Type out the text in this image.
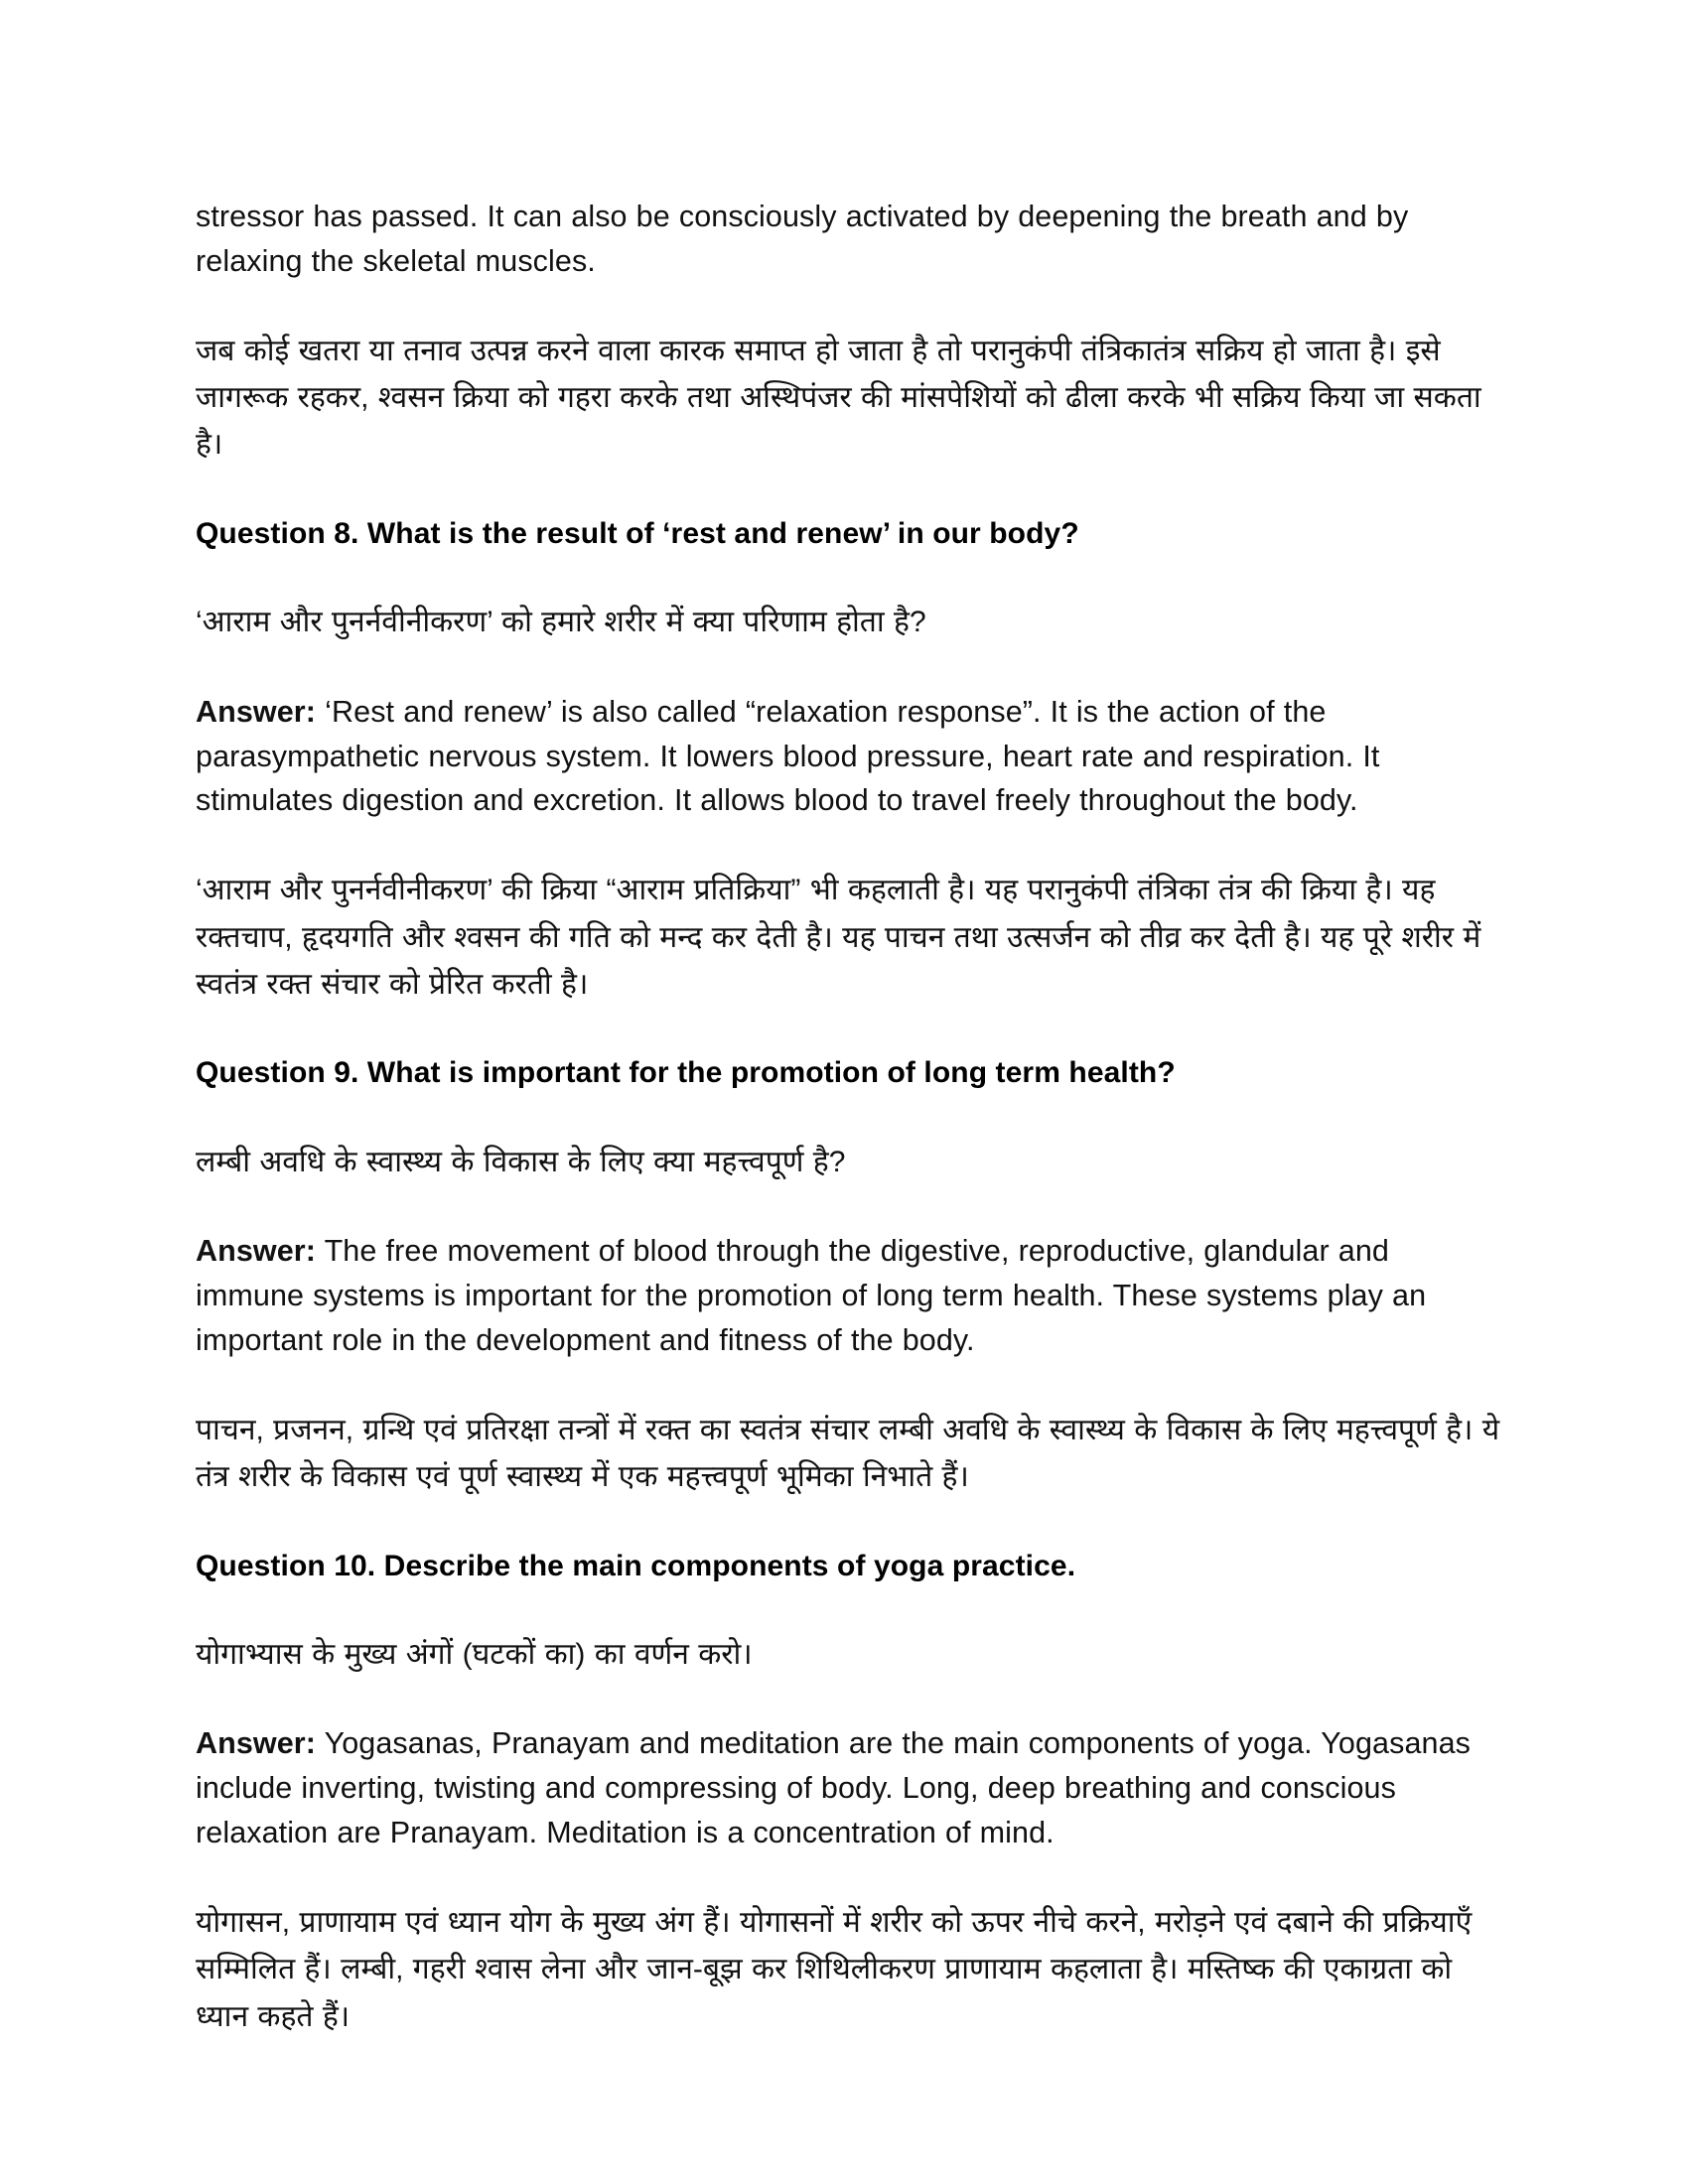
stressor has passed. It can also be consciously activated by deepening the breath and by relaxing the skeletal muscles.

जब कोई खतरा या तनाव उत्पन्न करने वाला कारक समाप्त हो जाता है तो परानुकंपी तंत्रिकातंत्र सक्रिय हो जाता है। इसे जागरूक रहकर, श्वसन क्रिया को गहरा करके तथा अस्थिपंजर की मांसपेशियों को ढीला करके भी सक्रिय किया जा सकता है।

Question 8. What is the result of ‘rest and renew’ in our body?

‘आराम और पुनर्नवीनीकरण’ को हमारे शरीर में क्या परिणाम होता है?

Answer: ‘Rest and renew’ is also called “relaxation response”. It is the action of the parasympathetic nervous system. It lowers blood pressure, heart rate and respiration. It stimulates digestion and excretion. It allows blood to travel freely throughout the body.

‘आराम और पुनर्नवीनीकरण’ की क्रिया “आराम प्रतिक्रिया” भी कहलाती है। यह परानुकंपी तंत्रिका तंत्र की क्रिया है। यह रक्तचाप, हृदयगति और श्वसन की गति को मन्द कर देती है। यह पाचन तथा उत्सर्जन को तीव्र कर देती है। यह पूरे शरीर में स्वतंत्र रक्त संचार को प्रेरित करती है।

Question 9. What is important for the promotion of long term health?

लम्बी अवधि के स्वास्थ्य के विकास के लिए क्या महत्त्वपूर्ण है?

Answer: The free movement of blood through the digestive, reproductive, glandular and immune systems is important for the promotion of long term health. These systems play an important role in the development and fitness of the body.

पाचन, प्रजनन, ग्रन्थि एवं प्रतिरक्षा तन्त्रों में रक्त का स्वतंत्र संचार लम्बी अवधि के स्वास्थ्य के विकास के लिए महत्त्वपूर्ण है। ये तंत्र शरीर के विकास एवं पूर्ण स्वास्थ्य में एक महत्त्वपूर्ण भूमिका निभाते हैं।

Question 10. Describe the main components of yoga practice.

योगाभ्यास के मुख्य अंगों (घटकों का) का वर्णन करो।

Answer: Yogasanas, Pranayam and meditation are the main components of yoga. Yogasanas include inverting, twisting and compressing of body. Long, deep breathing and conscious relaxation are Pranayam. Meditation is a concentration of mind.

योगासन, प्राणायाम एवं ध्यान योग के मुख्य अंग हैं। योगासनों में शरीर को ऊपर नीचे करने, मरोड़ने एवं दबाने की प्रक्रियाएँ सम्मिलित हैं। लम्बी, गहरी श्वास लेना और जान-बूझ कर शिथिलीकरण प्राणायाम कहलाता है। मस्तिष्क की एकाग्रता को ध्यान कहते हैं।
